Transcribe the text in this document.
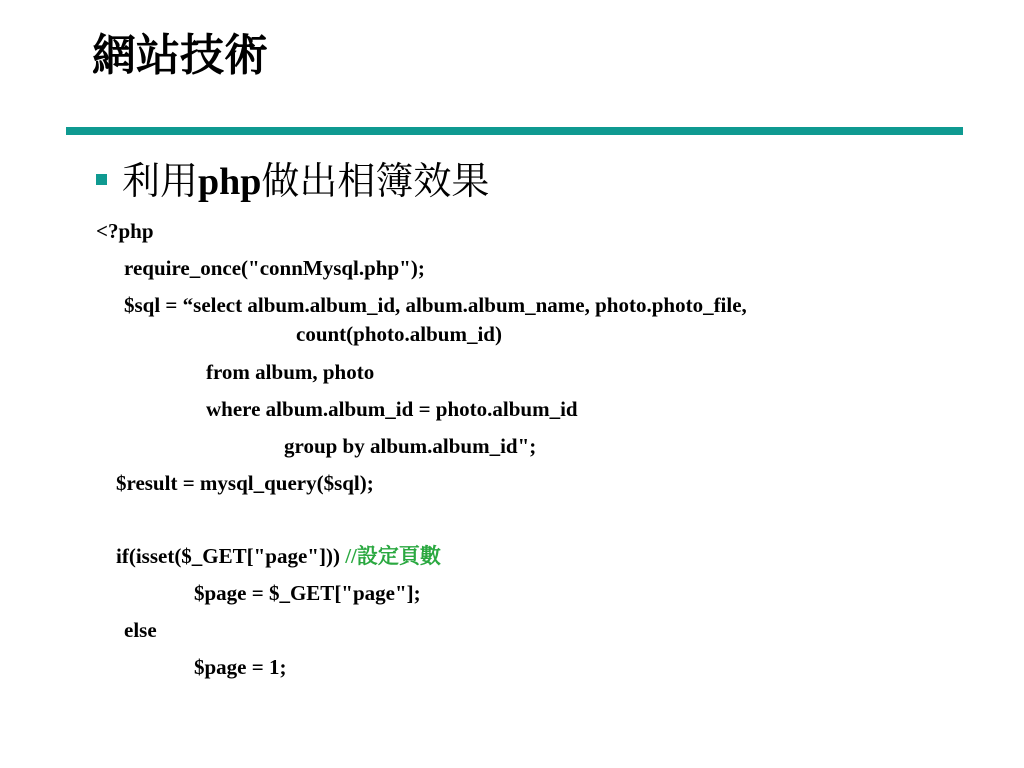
網站技術
利用php做出相簿效果
<?php
require_once("connMysql.php");
$sql = “select album.album_id, album.album_name, photo.photo_file,
count(photo.album_id)
from album, photo
where album.album_id = photo.album_id
group by album.album_id";
$result = mysql_query($sql);
if(isset($_GET["page"])) //設定頁數
$page = $_GET["page"];
else
$page = 1;
